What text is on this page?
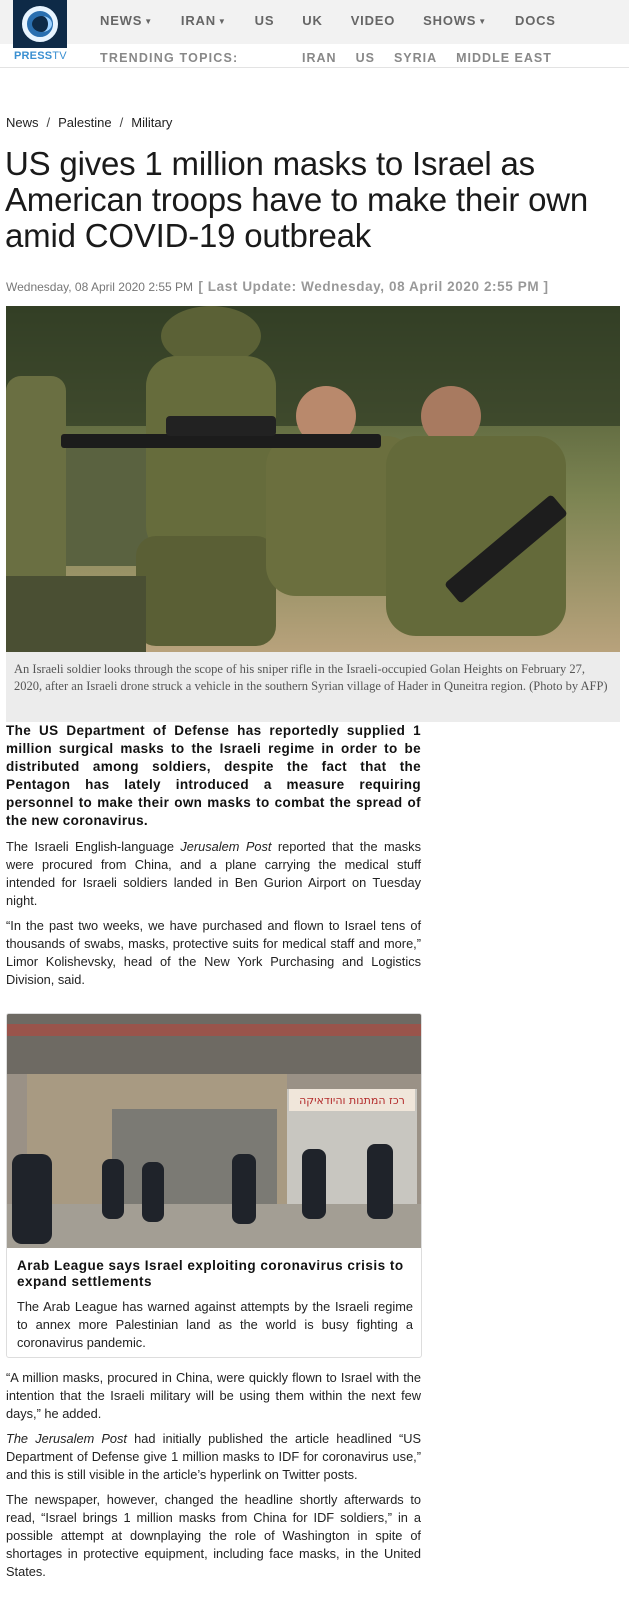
PRESSTV
NEWS ▼ IRAN ▼ US UK VIDEO SHOWS ▼ DOCS
TRENDING TOPICS:	IRAN US SYRIA MIDDLE EAST
News / Palestine / Military
US gives 1 million masks to Israel as American troops have to make their own amid COVID-19 outbreak
Wednesday, 08 April 2020 2:55 PM [ Last Update: Wednesday, 08 April 2020 2:55 PM ]
An Israeli soldier looks through the scope of his sniper rifle in the Israeli-occupied Golan Heights on February 27, 2020, after an Israeli drone struck a vehicle in the southern Syrian village of Hader in Quneitra region. (Photo by AFP)

The US Department of Defense has reportedly supplied 1 million surgical masks to the Israeli regime in order to be distributed among soldiers, despite the fact that the Pentagon has lately introduced a measure requiring personnel to make their own masks to combat the spread of the new coronavirus.

The Israeli English-language Jerusalem Post reported that the masks were procured from China, and a plane carrying the medical stuff intended for Israeli soldiers landed in Ben Gurion Airport on Tuesday night.

“In the past two weeks, we have purchased and flown to Israel tens of thousands of swabs, masks, protective suits for medical staff and more,” Limor Kolishevsky, head of the New York Purchasing and Logistics Division, said.

רכז המתנות והיודאיקה
Arab League says Israel exploiting coronavirus crisis to expand settlements
The Arab League has warned against attempts by the Israeli regime to annex more Palestinian land as the world is busy fighting a coronavirus pandemic.

“A million masks, procured in China, were quickly flown to Israel with the intention that the Israeli military will be using them within the next few days,” he added.

The Jerusalem Post had initially published the article headlined “US Department of Defense give 1 million masks to IDF for coronavirus use,” and this is still visible in the article’s hyperlink on Twitter posts.

The newspaper, however, changed the headline shortly afterwards to read, “Israel brings 1 million masks from China for IDF soldiers,” in a possible attempt at downplaying the role of Washington in spite of shortages in protective equipment, including face masks, in the United States.
